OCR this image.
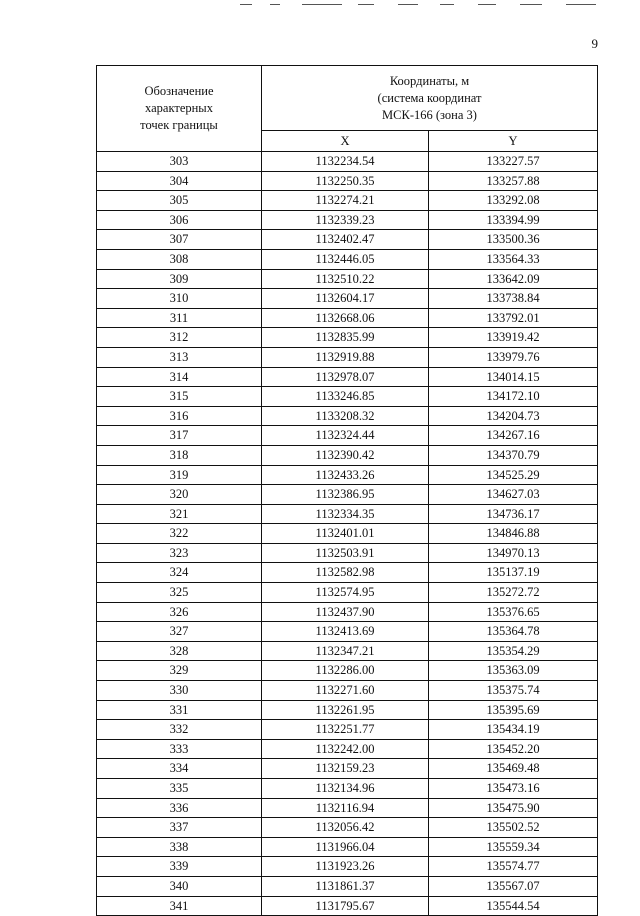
9
Обозначение
характерных
точек границы	Координаты, м
(система координат
МСК-166 (зона 3)	

	X	Y
303	1132234.54	133227.57
304	1132250.35	133257.88
305	1132274.21	133292.08
306	1132339.23	133394.99
307	1132402.47	133500.36
308	1132446.05	133564.33
309	1132510.22	133642.09
310	1132604.17	133738.84
311	1132668.06	133792.01
312	1132835.99	133919.42
313	1132919.88	133979.76
314	1132978.07	134014.15
315	1133246.85	134172.10
316	1133208.32	134204.73
317	1132324.44	134267.16
318	1132390.42	134370.79
319	1132433.26	134525.29
320	1132386.95	134627.03
321	1132334.35	134736.17
322	1132401.01	134846.88
323	1132503.91	134970.13
324	1132582.98	135137.19
325	1132574.95	135272.72
326	1132437.90	135376.65
327	1132413.69	135364.78
328	1132347.21	135354.29
329	1132286.00	135363.09
330	1132271.60	135375.74
331	1132261.95	135395.69
332	1132251.77	135434.19
333	1132242.00	135452.20
334	1132159.23	135469.48
335	1132134.96	135473.16
336	1132116.94	135475.90
337	1132056.42	135502.52
338	1131966.04	135559.34
339	1131923.26	135574.77
340	1131861.37	135567.07
341	1131795.67	135544.54
